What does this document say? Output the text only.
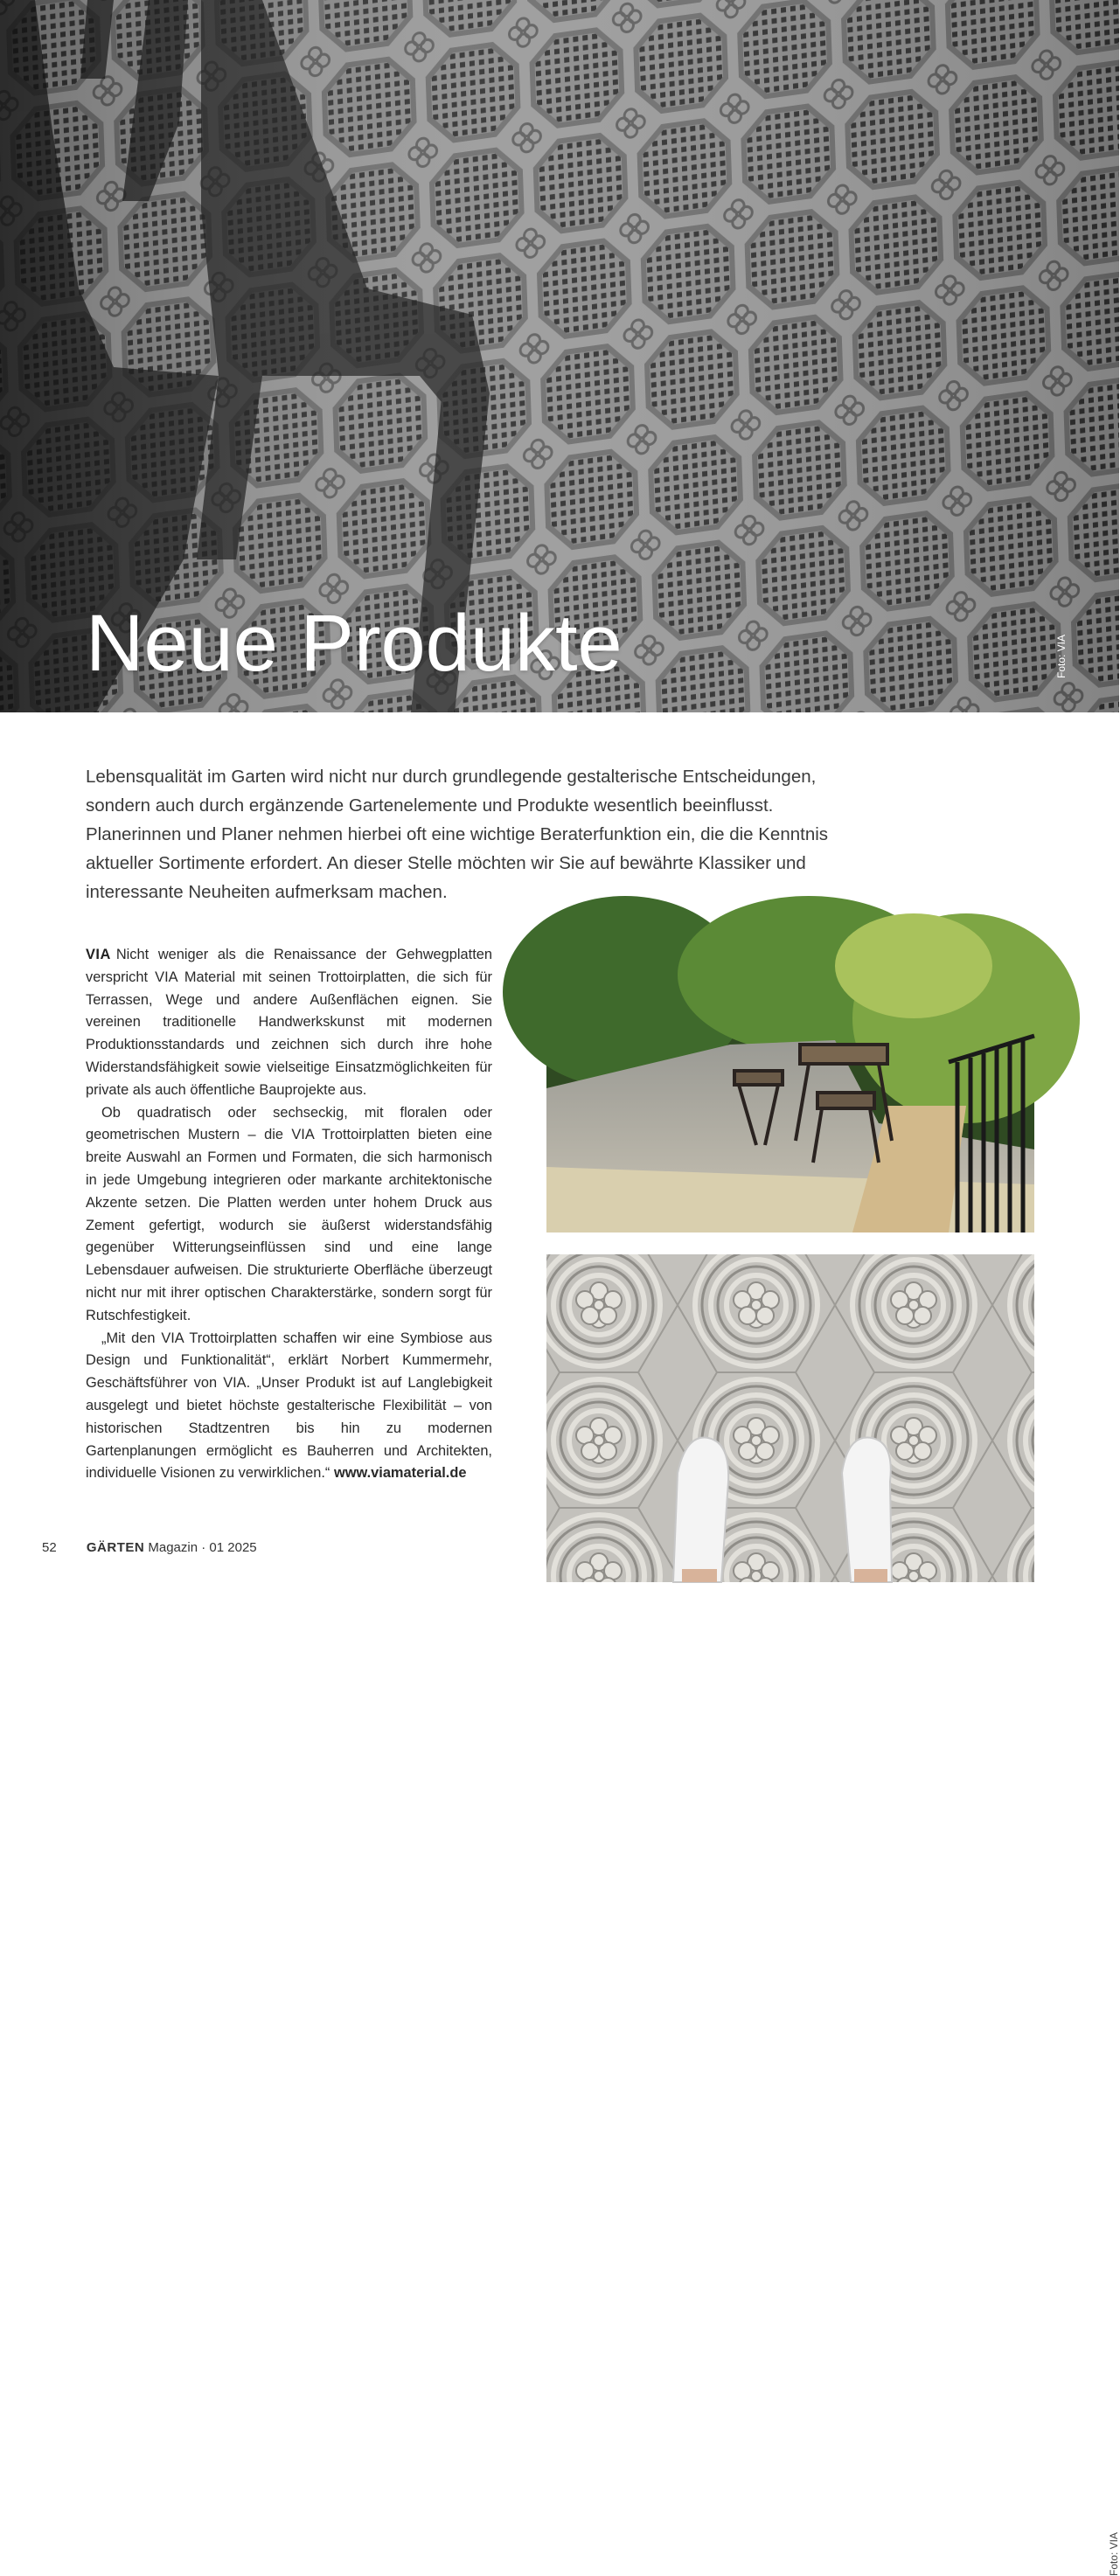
Neue Produkte	Foto: VIA

Lebensqualität im Garten wird nicht nur durch grundlegende gestalterische Entscheidungen, sondern auch durch ergänzende Gartenelemente und Produkte wesentlich beeinflusst. Planerinnen und Planer nehmen hierbei oft eine wichtige Beraterfunktion ein, die die Kenntnis aktueller Sortimente erfordert. An dieser Stelle möchten wir Sie auf bewährte Klassiker und interessante Neuheiten aufmerksam machen.

VIA Nicht weniger als die Renaissance der Gehwegplatten verspricht VIA Material mit seinen Trottoirplatten, die sich für Terrassen, Wege und andere Außenflächen eignen. Sie vereinen traditionelle Handwerkskunst mit modernen Produktionsstandards und zeichnen sich durch ihre hohe Widerstandsfähigkeit sowie vielseitige Einsatzmöglichkeiten für private als auch öffentliche Bauprojekte aus.

Ob quadratisch oder sechseckig, mit floralen oder geometrischen Mustern – die VIA Trottoirplatten bieten eine breite Auswahl an Formen und Formaten, die sich harmonisch in jede Umgebung integrieren oder markante architektonische Akzente setzen. Die Platten werden unter hohem Druck aus Zement gefertigt, wodurch sie äußerst widerstandsfähig gegenüber Witterungseinflüssen sind und eine lange Lebensdauer aufweisen. Die strukturierte Oberfläche überzeugt nicht nur mit ihrer optischen Charakterstärke, sondern sorgt für Rutschfestigkeit.

„Mit den VIA Trottoirplatten schaffen wir eine Symbiose aus Design und Funktionalität“, erklärt Norbert Kummermehr, Geschäftsführer von VIA. „Unser Produkt ist auf Langlebigkeit ausgelegt und bietet höchste gestalterische Flexibilität – von historischen Stadtzentren bis hin zu modernen Gartenplanungen ermöglicht es Bauherren und Architekten, individuelle Visionen zu verwirklichen.“ www.viamaterial.de

Foto: VIA
Foto: VIA
52 GÄRTEN Magazin · 01 2025
